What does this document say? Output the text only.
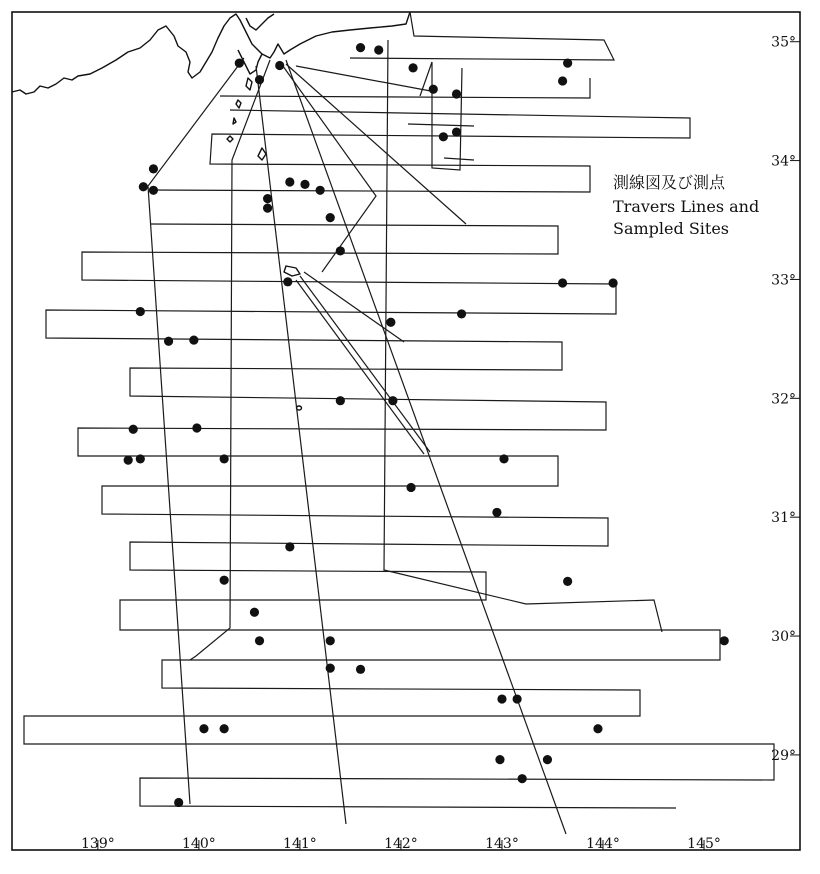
139°	140°	141°	142°	143°	144°	145°
35°
34°
33°
32°
31°
30°
29°
測線図及び測点
Travers Lines and
Sampled Sites
